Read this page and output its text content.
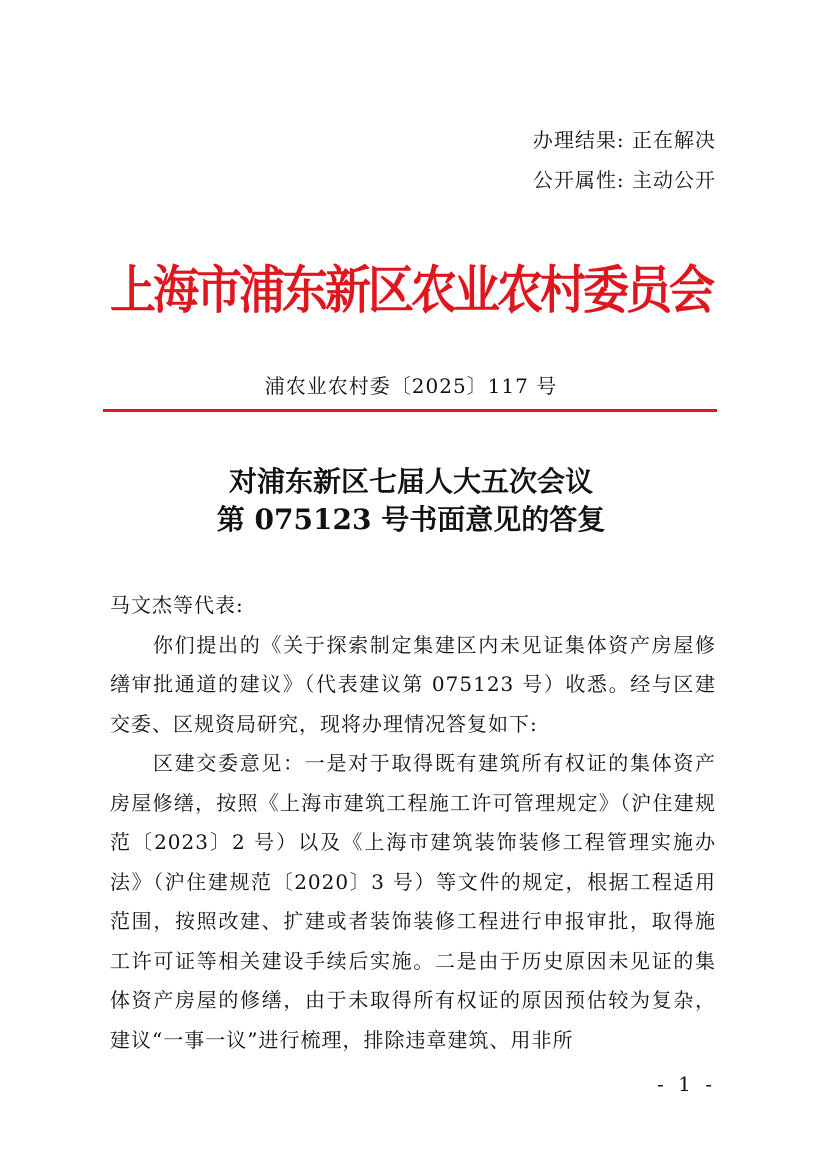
办理结果: 正在解决
公开属性: 主动公开
上海市浦东新区农业农村委员会
浦农业农村委〔2025〕117 号
对浦东新区七届人大五次会议
第 075123 号书面意见的答复

马文杰等代表:

你们提出的《关于探索制定集建区内未见证集体资产房屋修缮审批通道的建议》（代表建议第 075123 号）收悉。经与区建交委、区规资局研究，现将办理情况答复如下:

区建交委意见：一是对于取得既有建筑所有权证的集体资产房屋修缮，按照《上海市建筑工程施工许可管理规定》（沪住建规范〔2023〕2 号）以及《上海市建筑装饰装修工程管理实施办法》（沪住建规范〔2020〕3 号）等文件的规定，根据工程适用范围，按照改建、扩建或者装饰装修工程进行申报审批，取得施工许可证等相关建设手续后实施。二是由于历史原因未见证的集体资产房屋的修缮，由于未取得所有权证的原因预估较为复杂，建议“一事一议”进行梳理，排除违章建筑、用非所

- 1 -
